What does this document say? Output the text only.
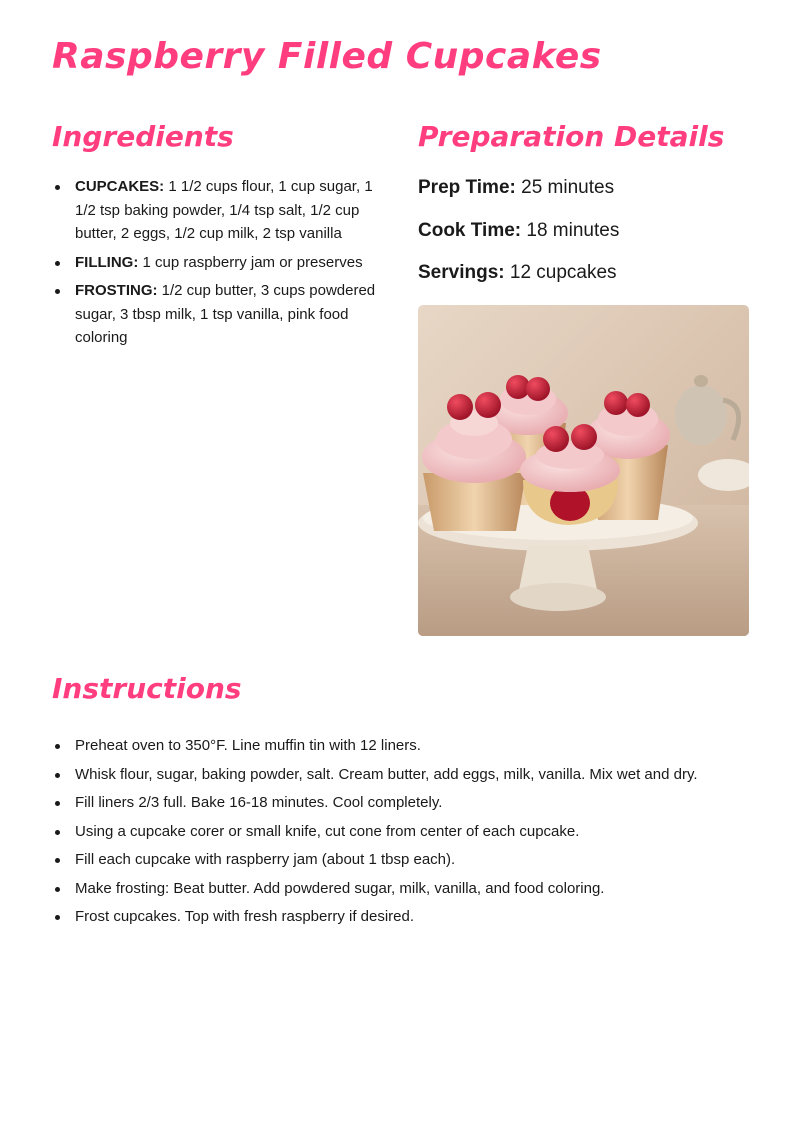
Raspberry Filled Cupcakes
Ingredients
CUPCAKES: 1 1/2 cups flour, 1 cup sugar, 1 1/2 tsp baking powder, 1/4 tsp salt, 1/2 cup butter, 2 eggs, 1/2 cup milk, 2 tsp vanilla
FILLING: 1 cup raspberry jam or preserves
FROSTING: 1/2 cup butter, 3 cups powdered sugar, 3 tbsp milk, 1 tsp vanilla, pink food coloring
Preparation Details

Prep Time: 25 minutes

Cook Time: 18 minutes

Servings: 12 cupcakes

Instructions
Preheat oven to 350°F. Line muffin tin with 12 liners.
Whisk flour, sugar, baking powder, salt. Cream butter, add eggs, milk, vanilla. Mix wet and dry.
Fill liners 2/3 full. Bake 16-18 minutes. Cool completely.
Using a cupcake corer or small knife, cut cone from center of each cupcake.
Fill each cupcake with raspberry jam (about 1 tbsp each).
Make frosting: Beat butter. Add powdered sugar, milk, vanilla, and food coloring.
Frost cupcakes. Top with fresh raspberry if desired.
